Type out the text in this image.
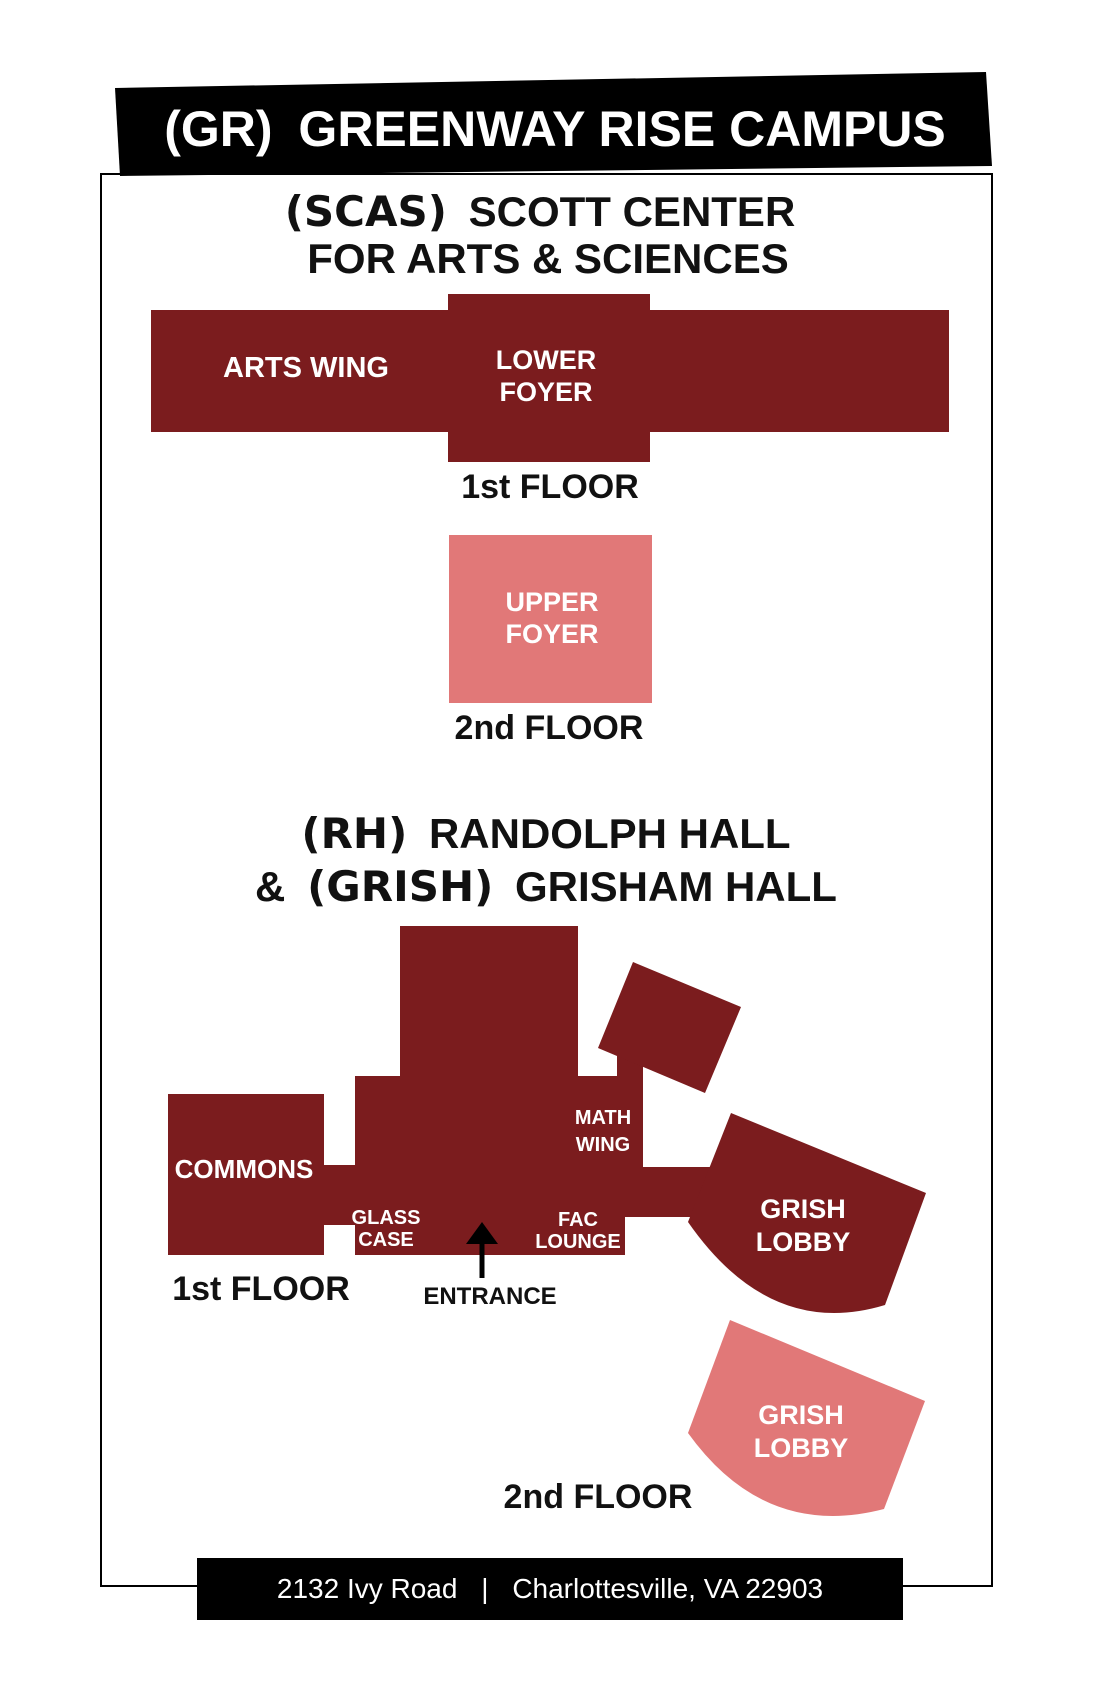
(GR) GREENWAY RISE CAMPUS
(SCAS) SCOTT CENTER
FOR ARTS & SCIENCES
ARTS WING	LOWER
FOYER
1st FLOOR
UPPER
FOYER
2nd FLOOR
(RH) RANDOLPH HALL
& (GRISH) GRISHAM HALL
COMMONS
GLASS
CASE
MATH
WING
FAC
LOUNGE
GRISH
LOBBY
ENTRANCE
1st FLOOR
GRISH
LOBBY
2nd FLOOR
2132 Ivy Road | Charlottesville, VA 22903
